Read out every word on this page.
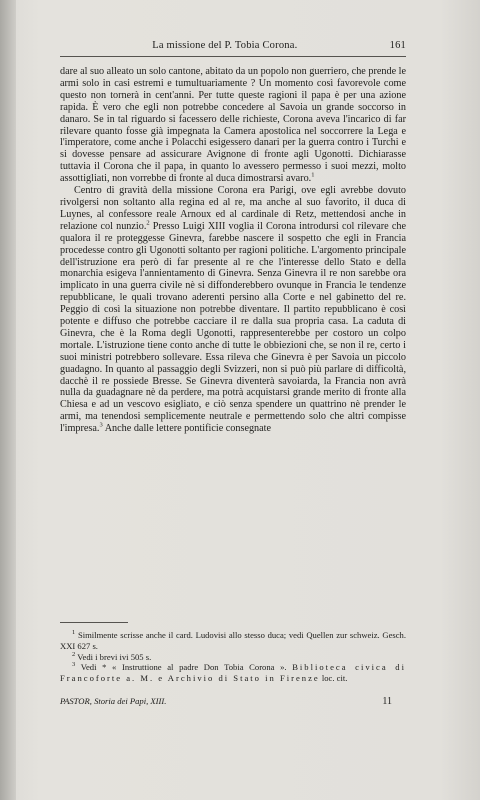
La missione del P. Tobia Corona.	161

dare al suo alleato un solo cantone, abitato da un popolo non guerriero, che prende le armi solo in casi estremi e tumultuariamente ? Un momento così favorevole come questo non tornerà in cent'anni. Per tutte queste ragioni il papa è per una azione rapida. È vero che egli non potrebbe concedere al Savoia un grande soccorso in danaro. Se in tal riguardo si facessero delle richieste, Corona aveva l'incarico di far rilevare quanto fosse già impegnata la Camera apostolica nel soccorrere la Lega e l'imperatore, come anche i Polacchi esigessero danari per la guerra contro i Turchi e si dovesse pensare ad assicurare Avignone di fronte agli Ugonotti. Dichiarasse tuttavia il Corona che il papa, in quanto lo avessero permesso i suoi mezzi, molto assottigliati, non vorrebbe di fronte al duca dimostrarsi avaro.$^1$

Centro di gravità della missione Corona era Parigi, ove egli avrebbe dovuto rivolgersi non soltanto alla regina ed al re, ma anche al suo favorito, il duca di Luynes, al confessore reale Arnoux ed al cardinale di Retz, mettendosi anche in relazione col nunzio.$^2$ Presso Luigi XIII voglia il Corona introdursi col rilevare che qualora il re proteggesse Ginevra, farebbe nascere il sospetto che egli in Francia procedesse contro gli Ugonotti soltanto per ragioni politiche. L'argomento principale dell'istruzione era però di far presente al re che l'interesse dello Stato e della monarchia esigeva l'annientamento di Ginevra. Senza Ginevra il re non sarebbe ora implicato in una guerra civile nè si diffonderebbero ovunque in Francia le tendenze repubblicane, le quali trovano aderenti persino alla Corte e nel gabinetto del re. Peggio di così la situazione non potrebbe diventare. Il partito repubblicano è così potente e diffuso che potrebbe cacciare il re dalla sua propria casa. La caduta di Ginevra, che è la Roma degli Ugonotti, rappresenterebbe per costoro un colpo mortale. L'istruzione tiene conto anche di tutte le obbiezioni che, se non il re, certo i suoi ministri potrebbero sollevare. Essa rileva che Ginevra è per Savoia un piccolo guadagno. In quanto al passaggio degli Svizzeri, non si può più parlare di difficoltà, dacchè il re possiede Bresse. Se Ginevra diventerà savoiarda, la Francia non avrà nulla da guadagnare nè da perdere, ma potrà acquistarsi grande merito di fronte alla Chiesa e ad un vescovo esigliato, e ciò senza spendere un quattrino nè prender le armi, ma tenendosi semplicemente neutrale e permettendo solo che altri compisse l'impresa.$^3$ Anche dalle lettere pontificie consegnate

$^1$ Similmente scrisse anche il card. Ludovisi allo stesso duca; vedi Quellen zur schweiz. Gesch. XXI 627 s.

$^2$ Vedi i brevi ivi 505 s.

$^3$ Vedi * « Instruttione al padre Don Tobia Corona ». Biblioteca civica di Francoforte a. M. e Archivio di Stato in Firenze loc. cit.

PASTOR, Storia dei Papi, XIII.	11
